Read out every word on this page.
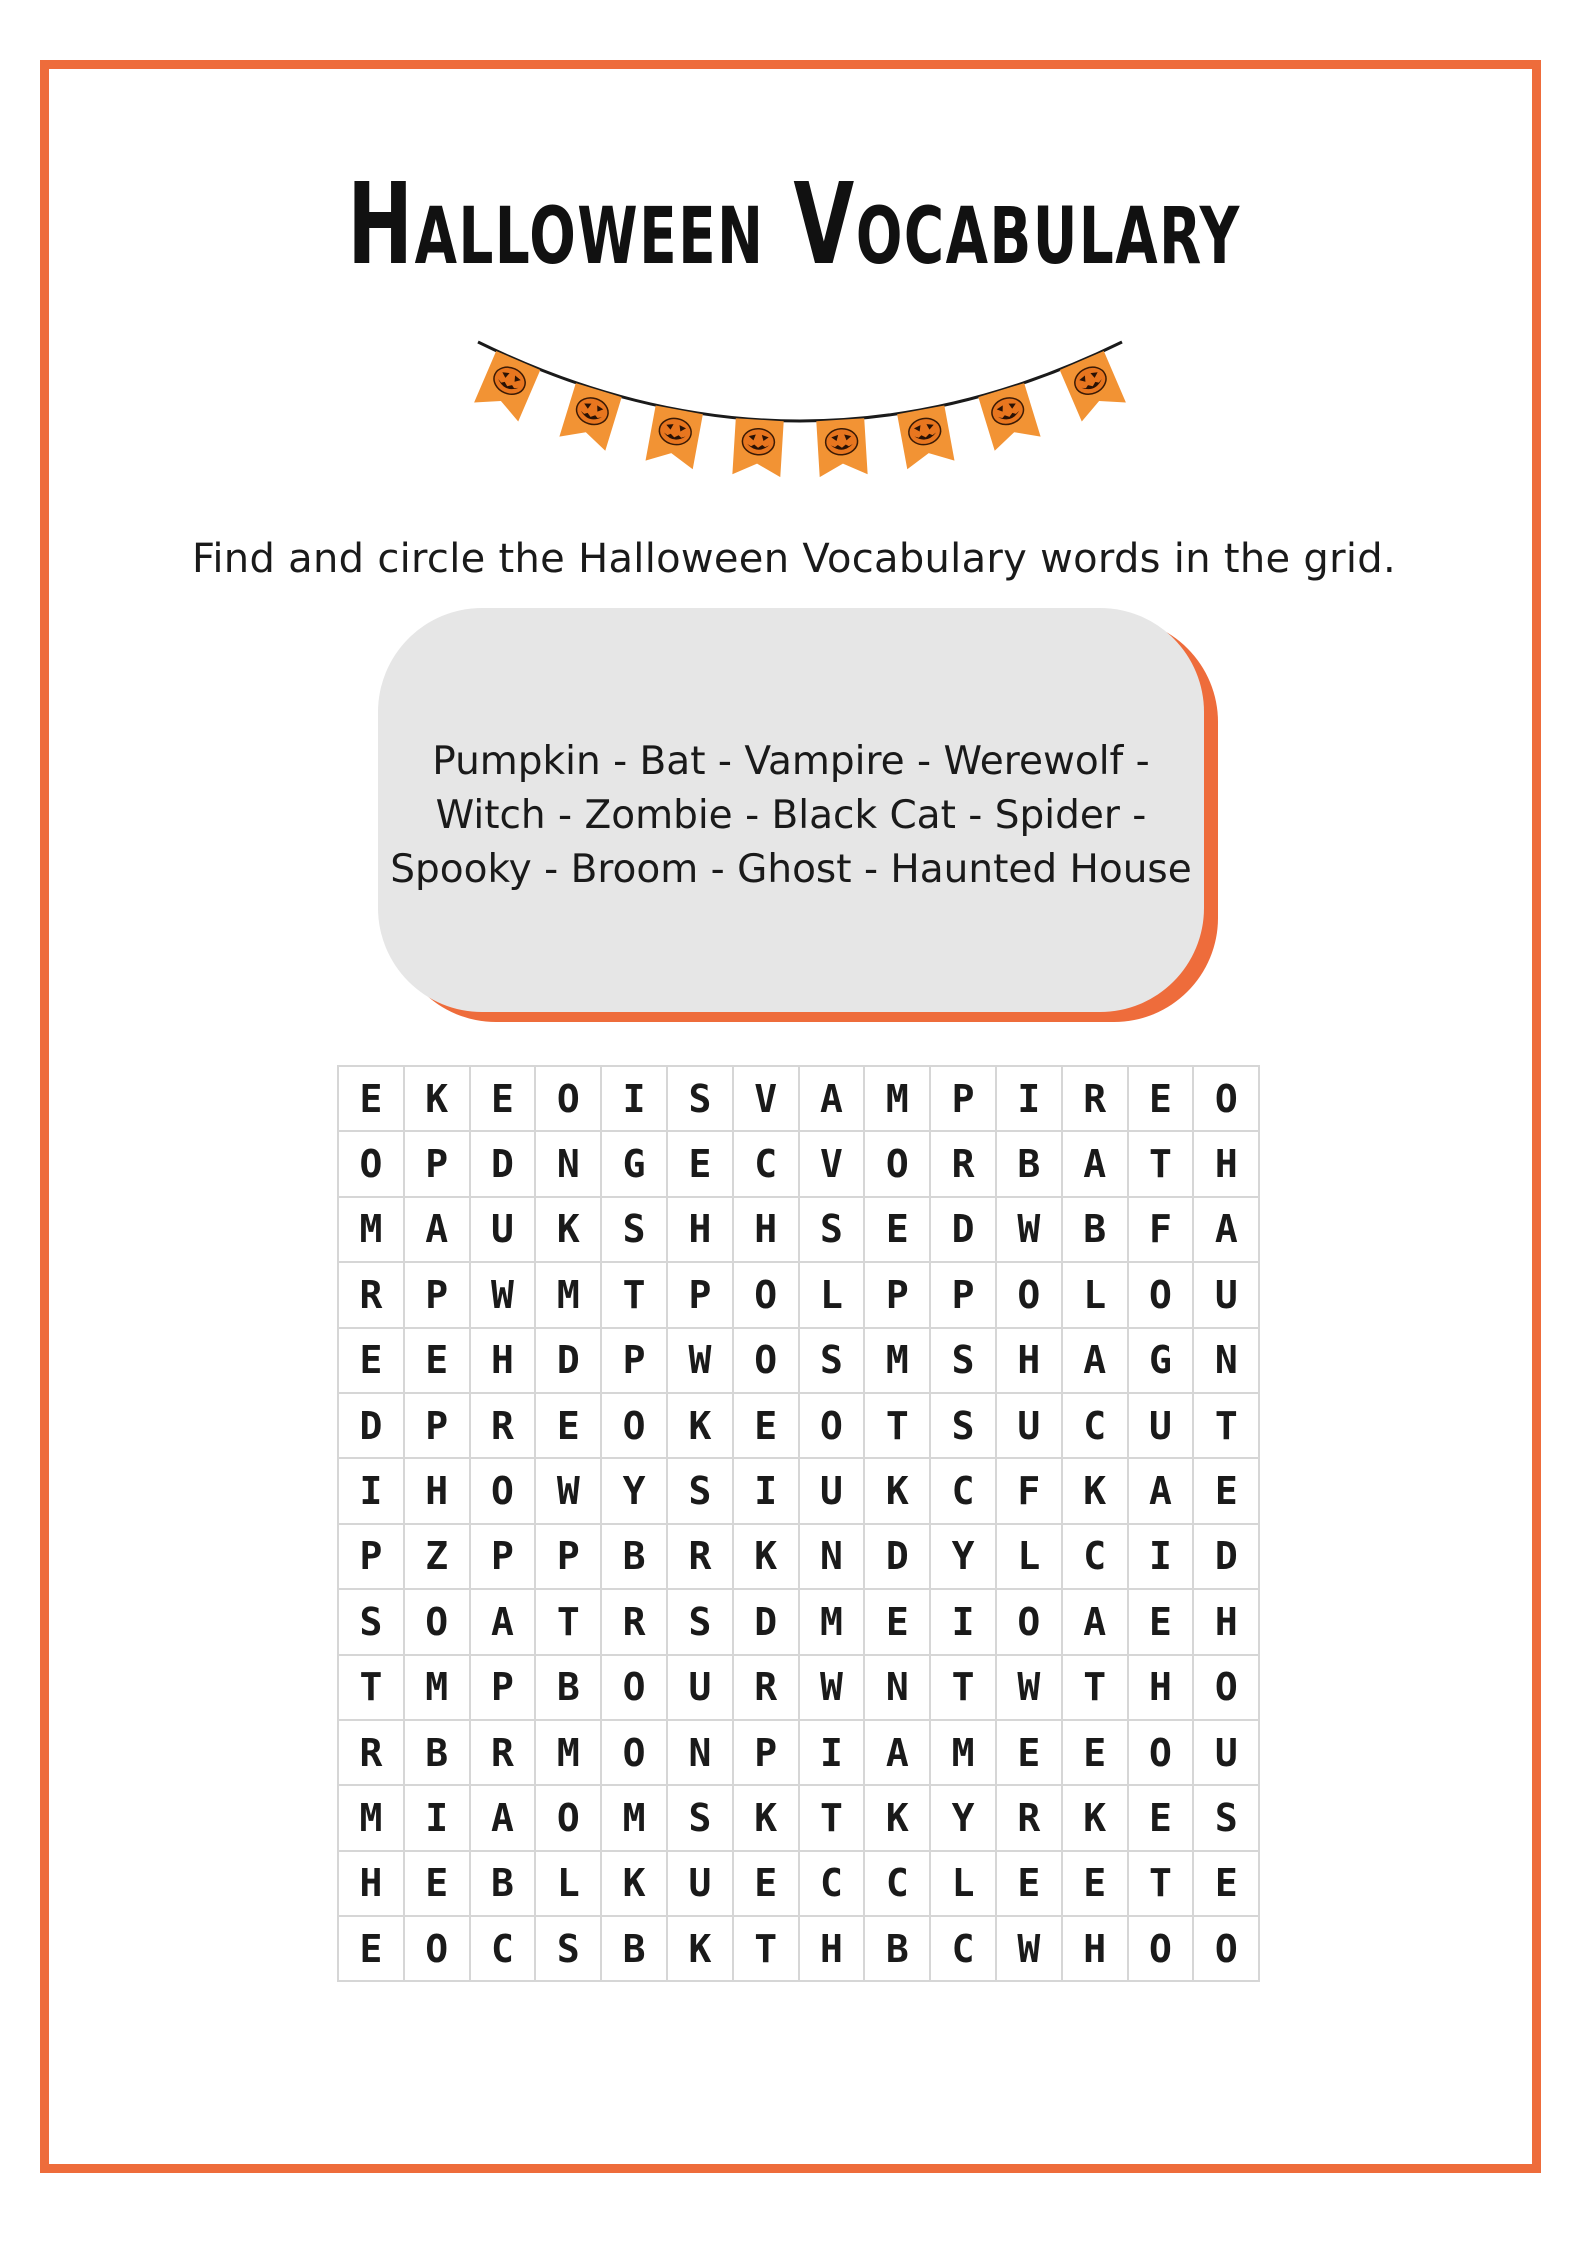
Halloween Vocabulary
Find and circle the Halloween Vocabulary words in the grid.
Pumpkin - Bat - Vampire - Werewolf -
Witch - Zombie - Black Cat - Spider -
Spooky - Broom - Ghost - Haunted House
E	K	E	O	I	S	V	A	M	P	I	R	E	O
O	P	D	N	G	E	C	V	O	R	B	A	T	H
M	A	U	K	S	H	H	S	E	D	W	B	F	A
R	P	W	M	T	P	O	L	P	P	O	L	O	U
E	E	H	D	P	W	O	S	M	S	H	A	G	N
D	P	R	E	O	K	E	O	T	S	U	C	U	T
I	H	O	W	Y	S	I	U	K	C	F	K	A	E
P	Z	P	P	B	R	K	N	D	Y	L	C	I	D
S	O	A	T	R	S	D	M	E	I	O	A	E	H
T	M	P	B	O	U	R	W	N	T	W	T	H	O
R	B	R	M	O	N	P	I	A	M	E	E	O	U
M	I	A	O	M	S	K	T	K	Y	R	K	E	S
H	E	B	L	K	U	E	C	C	L	E	E	T	E
E	O	C	S	B	K	T	H	B	C	W	H	O	O
